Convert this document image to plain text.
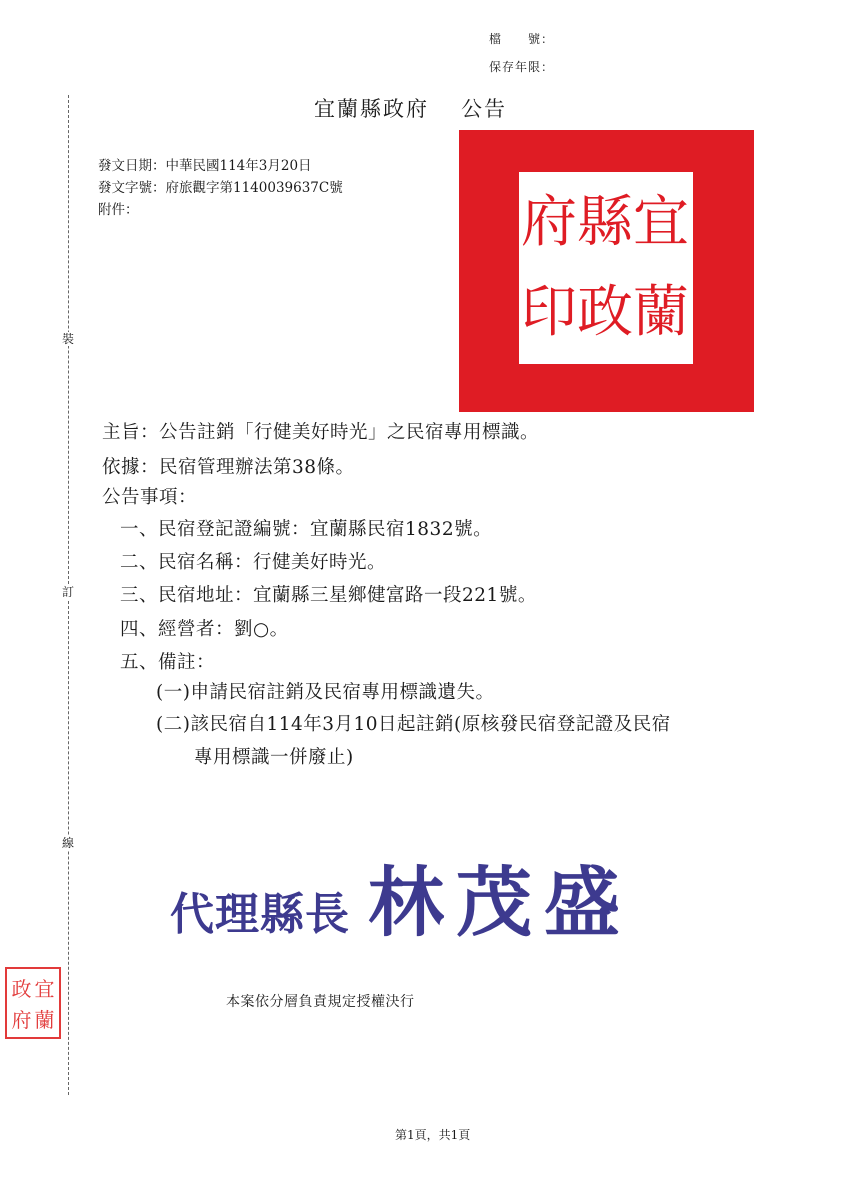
檔　　號：
保存年限：
裝
訂
線
宜蘭縣政府 公告
發文日期：中華民國114年3月20日
發文字號：府旅觀字第1140039637C號
附件：	宜
蘭
縣
政
府
印
主旨：公告註銷「行健美好時光」之民宿專用標識。
依據：民宿管理辦法第38條。
公告事項：
一、民宿登記證編號：宜蘭縣民宿1832號。
二、民宿名稱：行健美好時光。
三、民宿地址：宜蘭縣三星鄉健富路一段221號。
四、經營者：劉○。
五、備註：
(一)申請民宿註銷及民宿專用標識遺失。
(二)該民宿自114年3月10日起註銷(原核發民宿登記證及民宿
專用標識一併廢止)
代理縣長 林茂盛
本案依分層負責規定授權決行
宜
蘭
政
府
第1頁，共1頁
